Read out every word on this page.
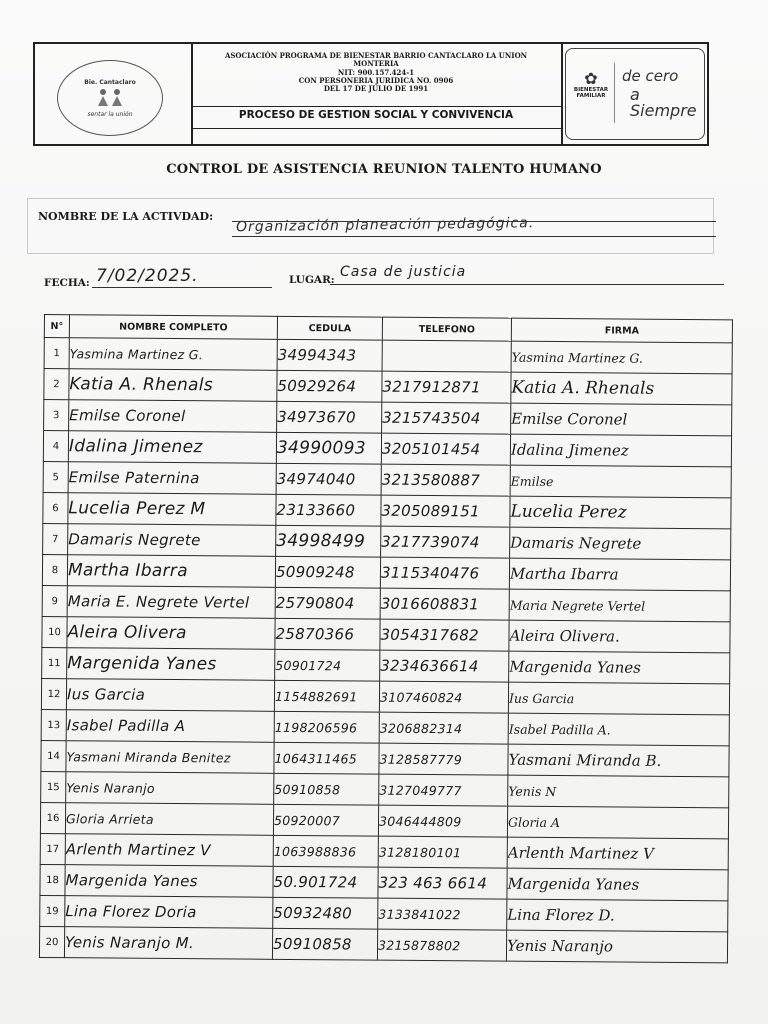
Bie. Cantaclaro
sentar la unión
ASOCIACIÓN PROGRAMA DE BIENESTAR BARRIO CANTACLARO LA UNION
MONTERIA
NIT: 900.157.424-1
CON PERSONERIA JURIDICA NO. 0906
DEL 17 DE JULIO DE 1991
PROCESO DE GESTION SOCIAL Y CONVIVENCIA
✿
BIENESTAR FAMILIAR
de cero
a Siempre
CONTROL DE ASISTENCIA REUNION TALENTO HUMANO
NOMBRE DE LA ACTIVDAD: Organización planeación pedagógica.
FECHA: 7/02/2025.	LUGAR: Casa de justicia
N°	NOMBRE COMPLETO	CEDULA	TELEFONO	FIRMA
1	Yasmina Martinez G.	34994343		Yasmina Martinez G.
2	Katia A. Rhenals	50929264	3217912871	Katia A. Rhenals
3	Emilse Coronel	34973670	3215743504	Emilse Coronel
4	Idalina Jimenez	34990093	3205101454	Idalina Jimenez
5	Emilse Paternina	34974040	3213580887	Emilse
6	Lucelia Perez M	23133660	3205089151	Lucelia Perez
7	Damaris Negrete	34998499	3217739074	Damaris Negrete
8	Martha Ibarra	50909248	3115340476	Martha Ibarra
9	Maria E. Negrete Vertel	25790804	3016608831	Maria Negrete Vertel
10	Aleira Olivera	25870366	3054317682	Aleira Olivera.
11	Margenida Yanes	50901724	3234636614	Margenida Yanes
12	Ius Garcia	1154882691	3107460824	Ius Garcia
13	Isabel Padilla A	1198206596	3206882314	Isabel Padilla A.
14	Yasmani Miranda Benitez	1064311465	3128587779	Yasmani Miranda B.
15	Yenis Naranjo	50910858	3127049777	Yenis N
16	Gloria Arrieta	50920007	3046444809	Gloria A
17	Arlenth Martinez V	1063988836	3128180101	Arlenth Martinez V
18	Margenida Yanes	50.901724	323 463 6614	Margenida Yanes
19	Lina Florez Doria	50932480	3133841022	Lina Florez D.
20	Yenis Naranjo M.	50910858	3215878802	Yenis Naranjo
